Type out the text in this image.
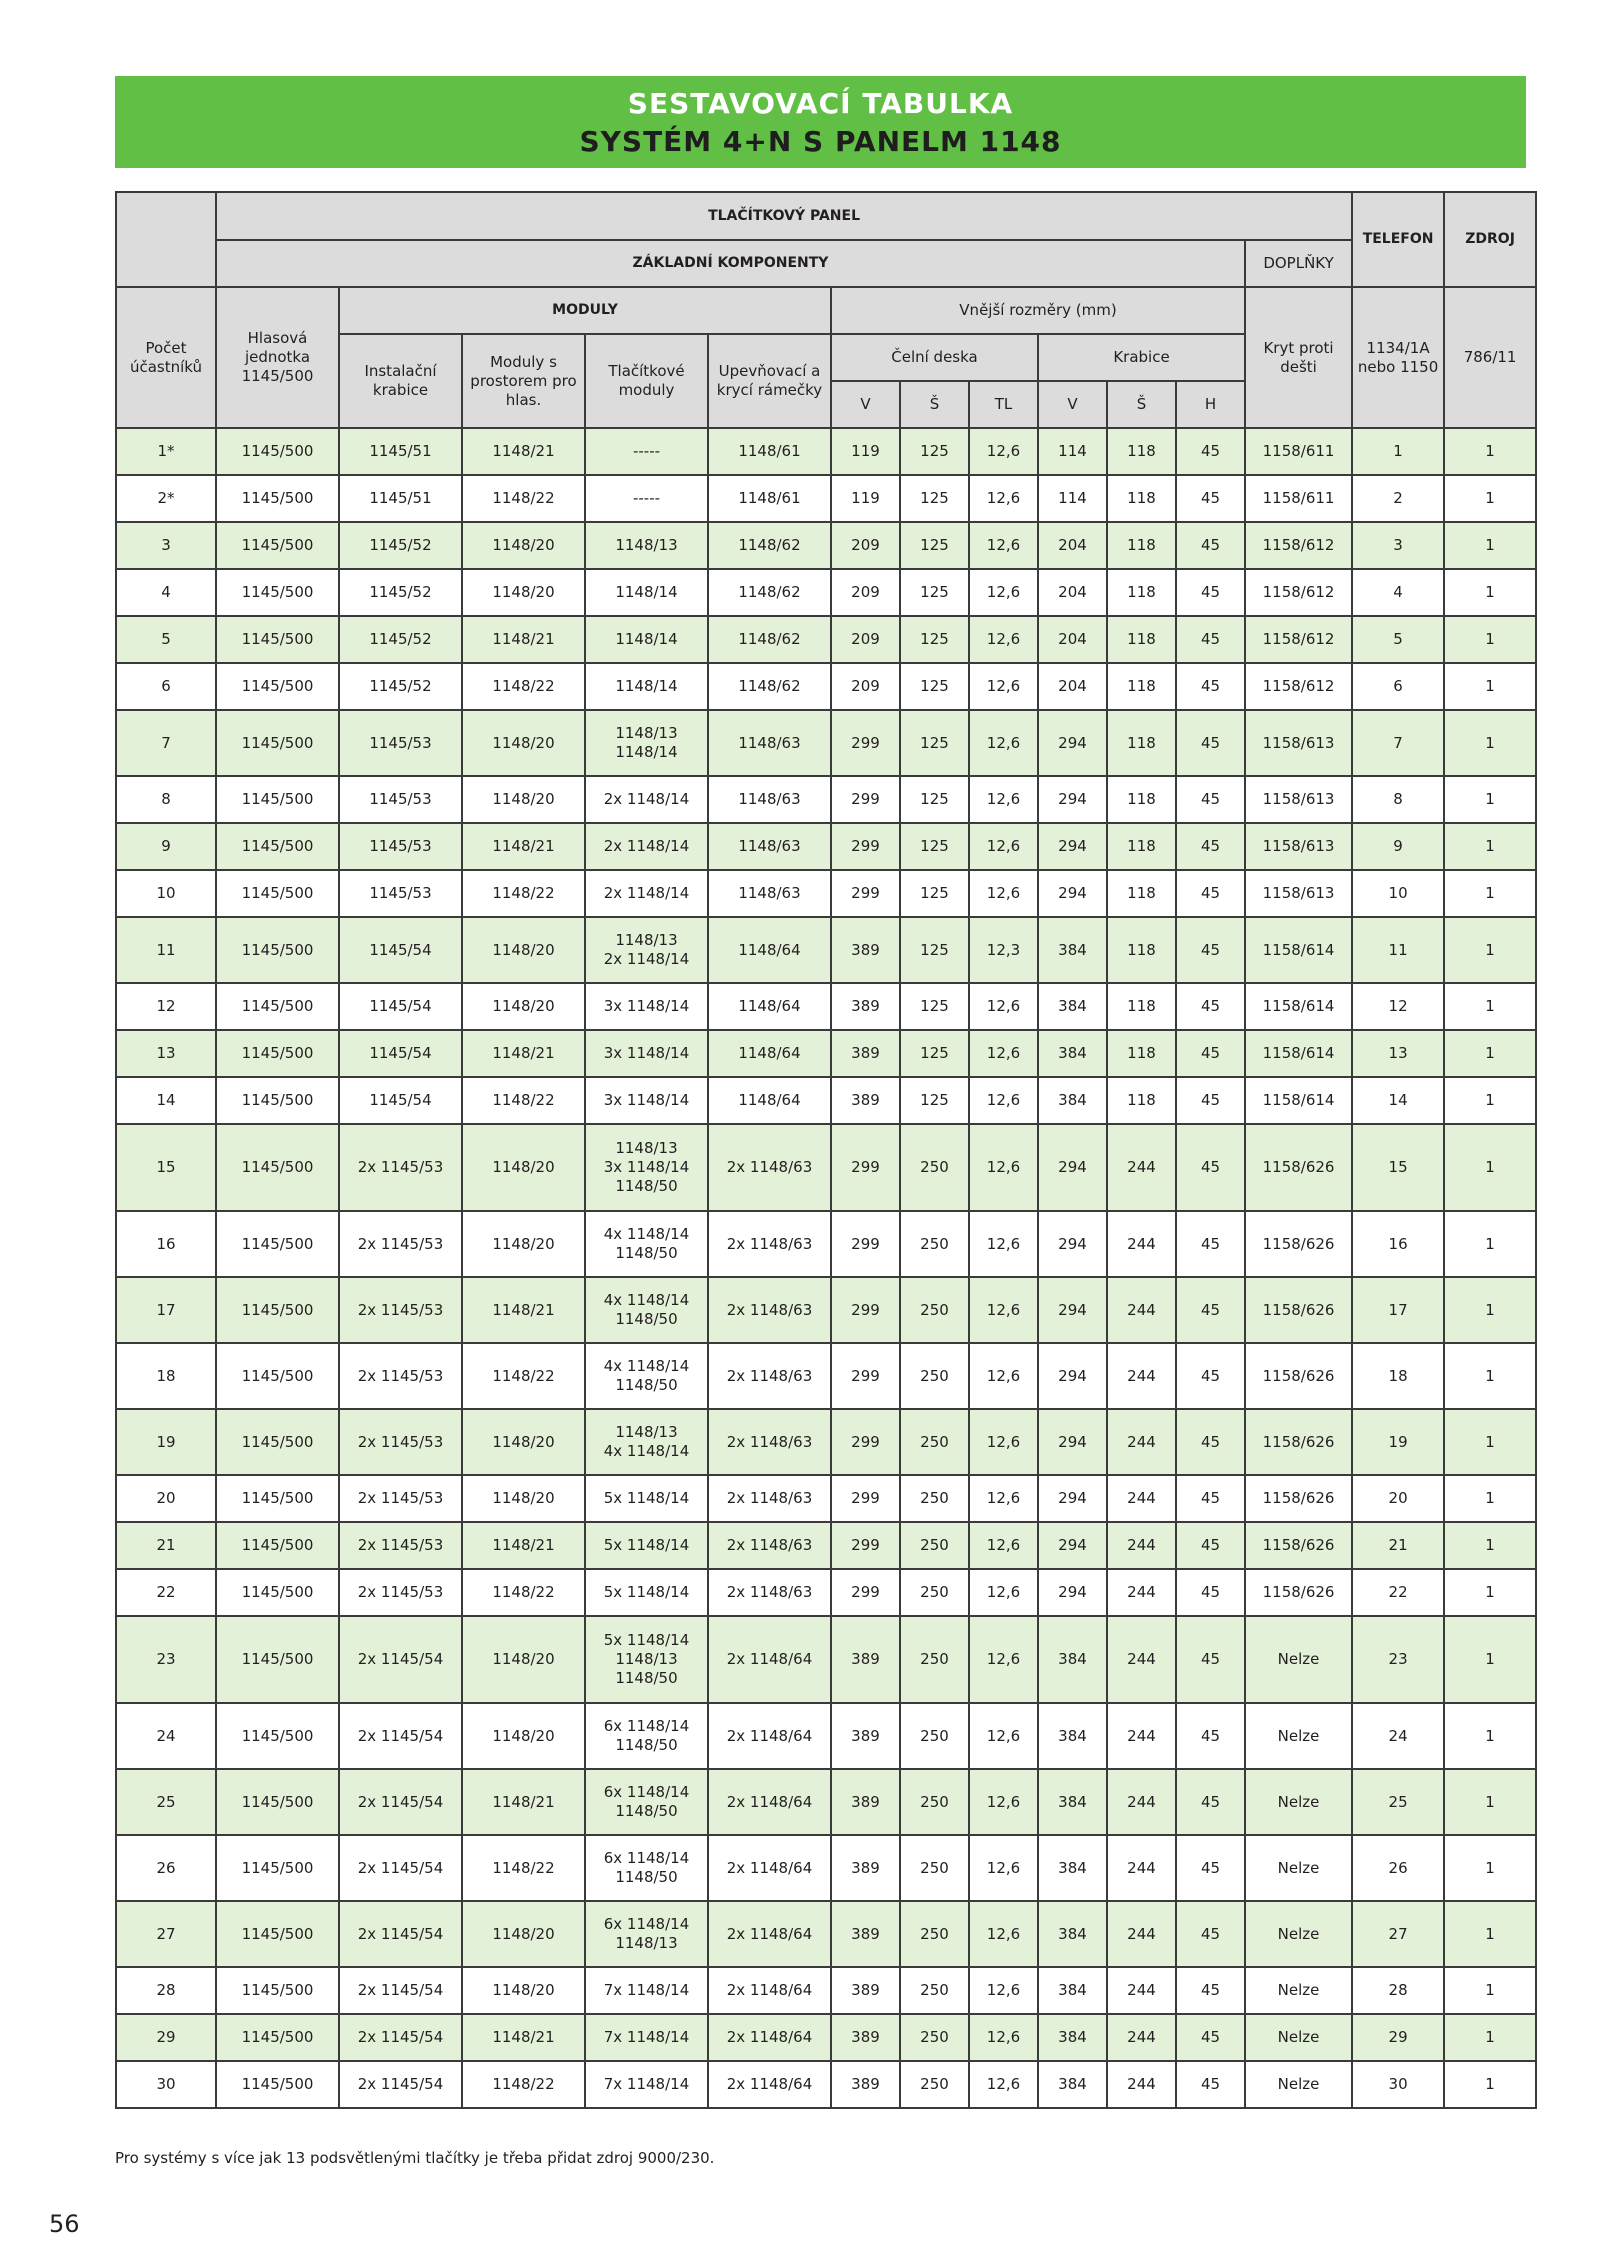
SESTAVOVACÍ TABULKA
SYSTÉM 4+N S PANELM 1148
	TLAČÍTKOVÝ PANEL												TELEFON	ZDROJ
	ZÁKLADNÍ KOMPONENTY											DOPLŇKY		
Počet účastníků	Hlasová jednotka 1145/500	MODULY				Vnější rozměry (mm)						Kryt proti dešti	1134/1A nebo 1150	786/11
		Instalační krabice	Moduly s prostorem pro hlas.	Tlačítkové moduly	Upevňovací a krycí rámečky	Čelní deska			Krabice					
						V	Š	TL	V	Š	H			
1*	1145/500	1145/51	1148/21	-----	1148/61	119	125	12,6	114	118	45	1158/611	1	1
2*	1145/500	1145/51	1148/22	-----	1148/61	119	125	12,6	114	118	45	1158/611	2	1
3	1145/500	1145/52	1148/20	1148/13	1148/62	209	125	12,6	204	118	45	1158/612	3	1
4	1145/500	1145/52	1148/20	1148/14	1148/62	209	125	12,6	204	118	45	1158/612	4	1
5	1145/500	1145/52	1148/21	1148/14	1148/62	209	125	12,6	204	118	45	1158/612	5	1
6	1145/500	1145/52	1148/22	1148/14	1148/62	209	125	12,6	204	118	45	1158/612	6	1
7	1145/500	1145/53	1148/20	1148/13
1148/14	1148/63	299	125	12,6	294	118	45	1158/613	7	1
8	1145/500	1145/53	1148/20	2x 1148/14	1148/63	299	125	12,6	294	118	45	1158/613	8	1
9	1145/500	1145/53	1148/21	2x 1148/14	1148/63	299	125	12,6	294	118	45	1158/613	9	1
10	1145/500	1145/53	1148/22	2x 1148/14	1148/63	299	125	12,6	294	118	45	1158/613	10	1
11	1145/500	1145/54	1148/20	1148/13
2x 1148/14	1148/64	389	125	12,3	384	118	45	1158/614	11	1
12	1145/500	1145/54	1148/20	3x 1148/14	1148/64	389	125	12,6	384	118	45	1158/614	12	1
13	1145/500	1145/54	1148/21	3x 1148/14	1148/64	389	125	12,6	384	118	45	1158/614	13	1
14	1145/500	1145/54	1148/22	3x 1148/14	1148/64	389	125	12,6	384	118	45	1158/614	14	1
15	1145/500	2x 1145/53	1148/20	1148/13
3x 1148/14
1148/50	2x 1148/63	299	250	12,6	294	244	45	1158/626	15	1
16	1145/500	2x 1145/53	1148/20	4x 1148/14
1148/50	2x 1148/63	299	250	12,6	294	244	45	1158/626	16	1
17	1145/500	2x 1145/53	1148/21	4x 1148/14
1148/50	2x 1148/63	299	250	12,6	294	244	45	1158/626	17	1
18	1145/500	2x 1145/53	1148/22	4x 1148/14
1148/50	2x 1148/63	299	250	12,6	294	244	45	1158/626	18	1
19	1145/500	2x 1145/53	1148/20	1148/13
4x 1148/14	2x 1148/63	299	250	12,6	294	244	45	1158/626	19	1
20	1145/500	2x 1145/53	1148/20	5x 1148/14	2x 1148/63	299	250	12,6	294	244	45	1158/626	20	1
21	1145/500	2x 1145/53	1148/21	5x 1148/14	2x 1148/63	299	250	12,6	294	244	45	1158/626	21	1
22	1145/500	2x 1145/53	1148/22	5x 1148/14	2x 1148/63	299	250	12,6	294	244	45	1158/626	22	1
23	1145/500	2x 1145/54	1148/20	5x 1148/14
1148/13
1148/50	2x 1148/64	389	250	12,6	384	244	45	Nelze	23	1
24	1145/500	2x 1145/54	1148/20	6x 1148/14
1148/50	2x 1148/64	389	250	12,6	384	244	45	Nelze	24	1
25	1145/500	2x 1145/54	1148/21	6x 1148/14
1148/50	2x 1148/64	389	250	12,6	384	244	45	Nelze	25	1
26	1145/500	2x 1145/54	1148/22	6x 1148/14
1148/50	2x 1148/64	389	250	12,6	384	244	45	Nelze	26	1
27	1145/500	2x 1145/54	1148/20	6x 1148/14
1148/13	2x 1148/64	389	250	12,6	384	244	45	Nelze	27	1
28	1145/500	2x 1145/54	1148/20	7x 1148/14	2x 1148/64	389	250	12,6	384	244	45	Nelze	28	1
29	1145/500	2x 1145/54	1148/21	7x 1148/14	2x 1148/64	389	250	12,6	384	244	45	Nelze	29	1
30	1145/500	2x 1145/54	1148/22	7x 1148/14	2x 1148/64	389	250	12,6	384	244	45	Nelze	30	1
Pro systémy s více jak 13 podsvětlenými tlačítky je třeba přidat zdroj 9000/230.
56
